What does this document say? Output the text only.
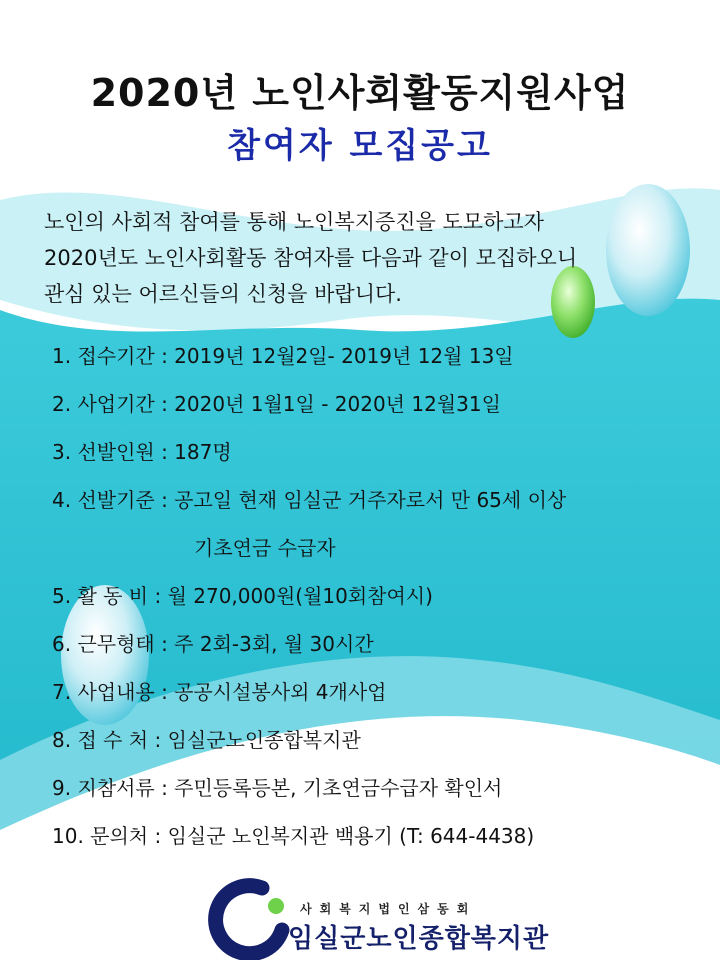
2020년 노인사회활동지원사업
참여자 모집공고
노인의 사회적 참여를 통해 노인복지증진을 도모하고자
2020년도 노인사회활동 참여자를 다음과 같이 모집하오니
관심 있는 어르신들의 신청을 바랍니다.
1. 접수기간 : 2019년 12월2일- 2019년 12월 13일
2. 사업기간 : 2020년 1월1일 - 2020년 12월31일
3. 선발인원 : 187명
4. 선발기준 : 공고일 현재 임실군 거주자로서 만 65세 이상
기초연금 수급자
5. 활 동 비 : 월 270,000원(월10회참여시)
6. 근무형태 : 주 2회-3회, 월 30시간
7. 사업내용 : 공공시설봉사외 4개사업
8. 접 수 처 : 임실군노인종합복지관
9. 지참서류 : 주민등록등본, 기초연금수급자 확인서
10. 문의처 : 임실군 노인복지관 백용기 (T: 644-4438)
사회복지법인삼동회
임실군노인종합복지관
